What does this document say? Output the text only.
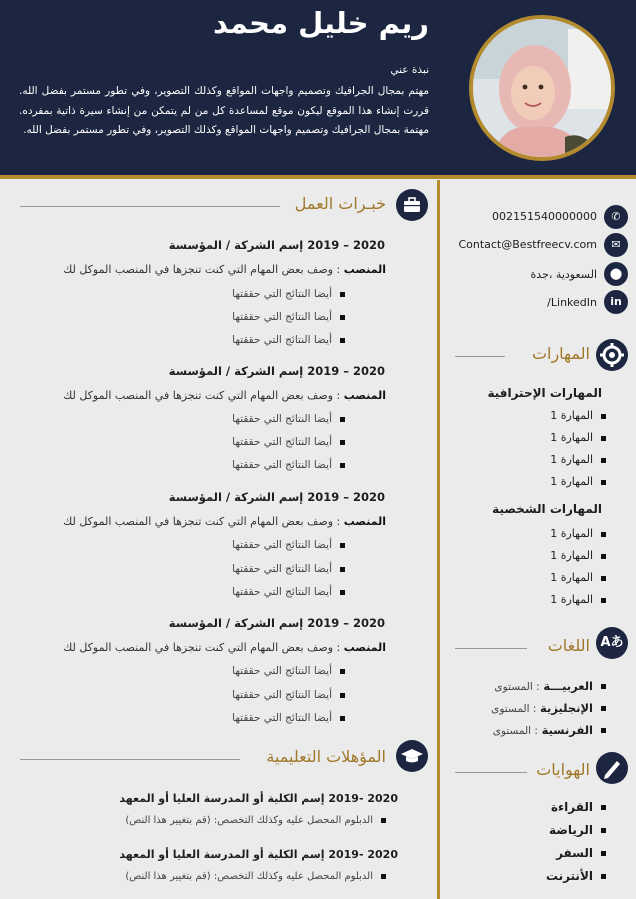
ريم خليل محمد
نبذة عني
مهتم بمجال الجرافيك وتصميم واجهات المواقع وكذلك التصوير، وفي تطور مستمر بفضل الله. قررت إنشاء هذا الموقع ليكون موقع لمساعدة كل من لم يتمكن من إنشاء سيرة ذاتية بمفرده. مهتمة بمجال الجرافيك وتصميم واجهات المواقع وكذلك التصوير، وفي تطور مستمر بفضل الله.
✆
002151540000000
✉
Contact@Bestfreecv.com
⬤
السعودية ،جدة
in
LinkedIn/
المهارات
المهارات الإحترافية
المهارة 1
المهارة 1
المهارة 1
المهارة 1
المهارات الشخصية
المهارة 1
المهارة 1
المهارة 1
المهارة 1
Aあ
اللغات
العربيـــة : المستوى
الإنجليزية : المستوى
الفرنسية : المستوى
الهوايات
القراءة
الرياضة
السفر
الأنترنت
خبـرات العمل
2020 – 2019 إسم الشركة / المؤسسة
المنصب : وصف بعض المهام التي كنت تنجزها في المنصب الموكل لك
أيضا النتائج التي حققتها
أيضا النتائج التي حققتها
أيضا النتائج التي حققتها
2020 – 2019 إسم الشركة / المؤسسة
المنصب : وصف بعض المهام التي كنت تنجزها في المنصب الموكل لك
أيضا النتائج التي حققتها
أيضا النتائج التي حققتها
أيضا النتائج التي حققتها
2020 – 2019 إسم الشركة / المؤسسة
المنصب : وصف بعض المهام التي كنت تنجزها في المنصب الموكل لك
أيضا النتائج التي حققتها
أيضا النتائج التي حققتها
أيضا النتائج التي حققتها
2020 – 2019 إسم الشركة / المؤسسة
المنصب : وصف بعض المهام التي كنت تنجزها في المنصب الموكل لك
أيضا النتائج التي حققتها
أيضا النتائج التي حققتها
أيضا النتائج التي حققتها
المؤهلات التعليمية
2020 -2019 إسم الكلية أو المدرسة العليا أو المعهد
الدبلوم المحصل عليه وكذلك التخصص: (قم بتغيير هذا النص)
2020 -2019 إسم الكلية أو المدرسة العليا أو المعهد
الدبلوم المحصل عليه وكذلك التخصص: (قم بتغيير هذا النص)
